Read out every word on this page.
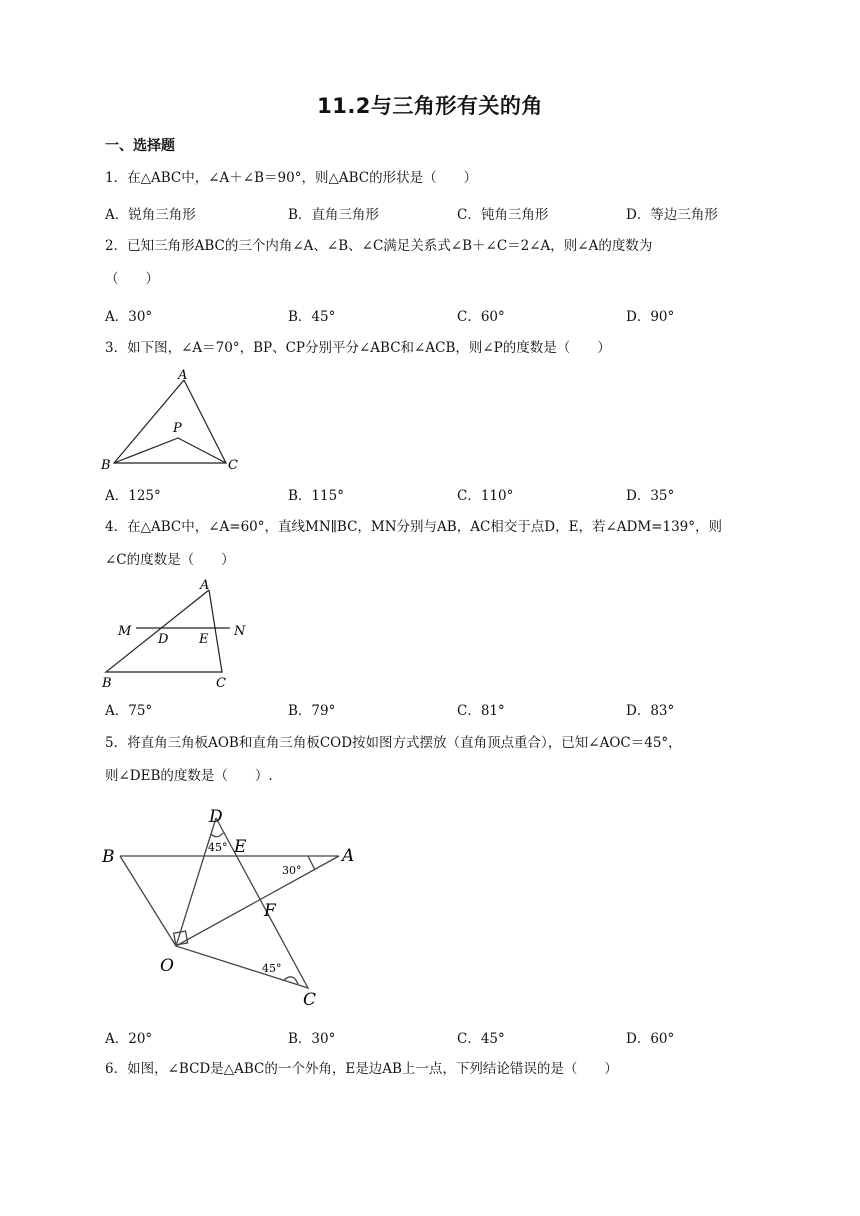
11.2与三角形有关的角
一、选择题
1．在△ABC中，∠A＋∠B＝90°，则△ABC的形状是（　　）
A．锐角三角形	B．直角三角形	C．钝角三角形	D．等边三角形
2．已知三角形ABC的三个内角∠A、∠B、∠C满足关系式∠B＋∠C＝2∠A，则∠A的度数为
（　　）
A．30°	B．45°	C．60°	D．90°
3．如下图，∠A＝70°，BP、CP分别平分∠ABC和∠ACB，则∠P的度数是（　　）
A
P
B	C
A．125°	B．115°	C．110°	D．35°
4．在△ABC中，∠A=60°，直线MN∥BC，MN分别与AB，AC相交于点D，E，若∠ADM=139°，则
∠C的度数是（　　）
A
M
D E
N
B	C
A．75°	B．79°	C．81°	D．83°
5．将直角三角板AOB和直角三角板COD按如图方式摆放（直角顶点重合），已知∠AOC＝45°，
则∠DEB的度数是（　　）.
D
E
B	A
F
O
C
45°
30°
45°
A．20°	B．30°	C．45°	D．60°
6．如图，∠BCD是△ABC的一个外角，E是边AB上一点，下列结论错误的是（　　）
